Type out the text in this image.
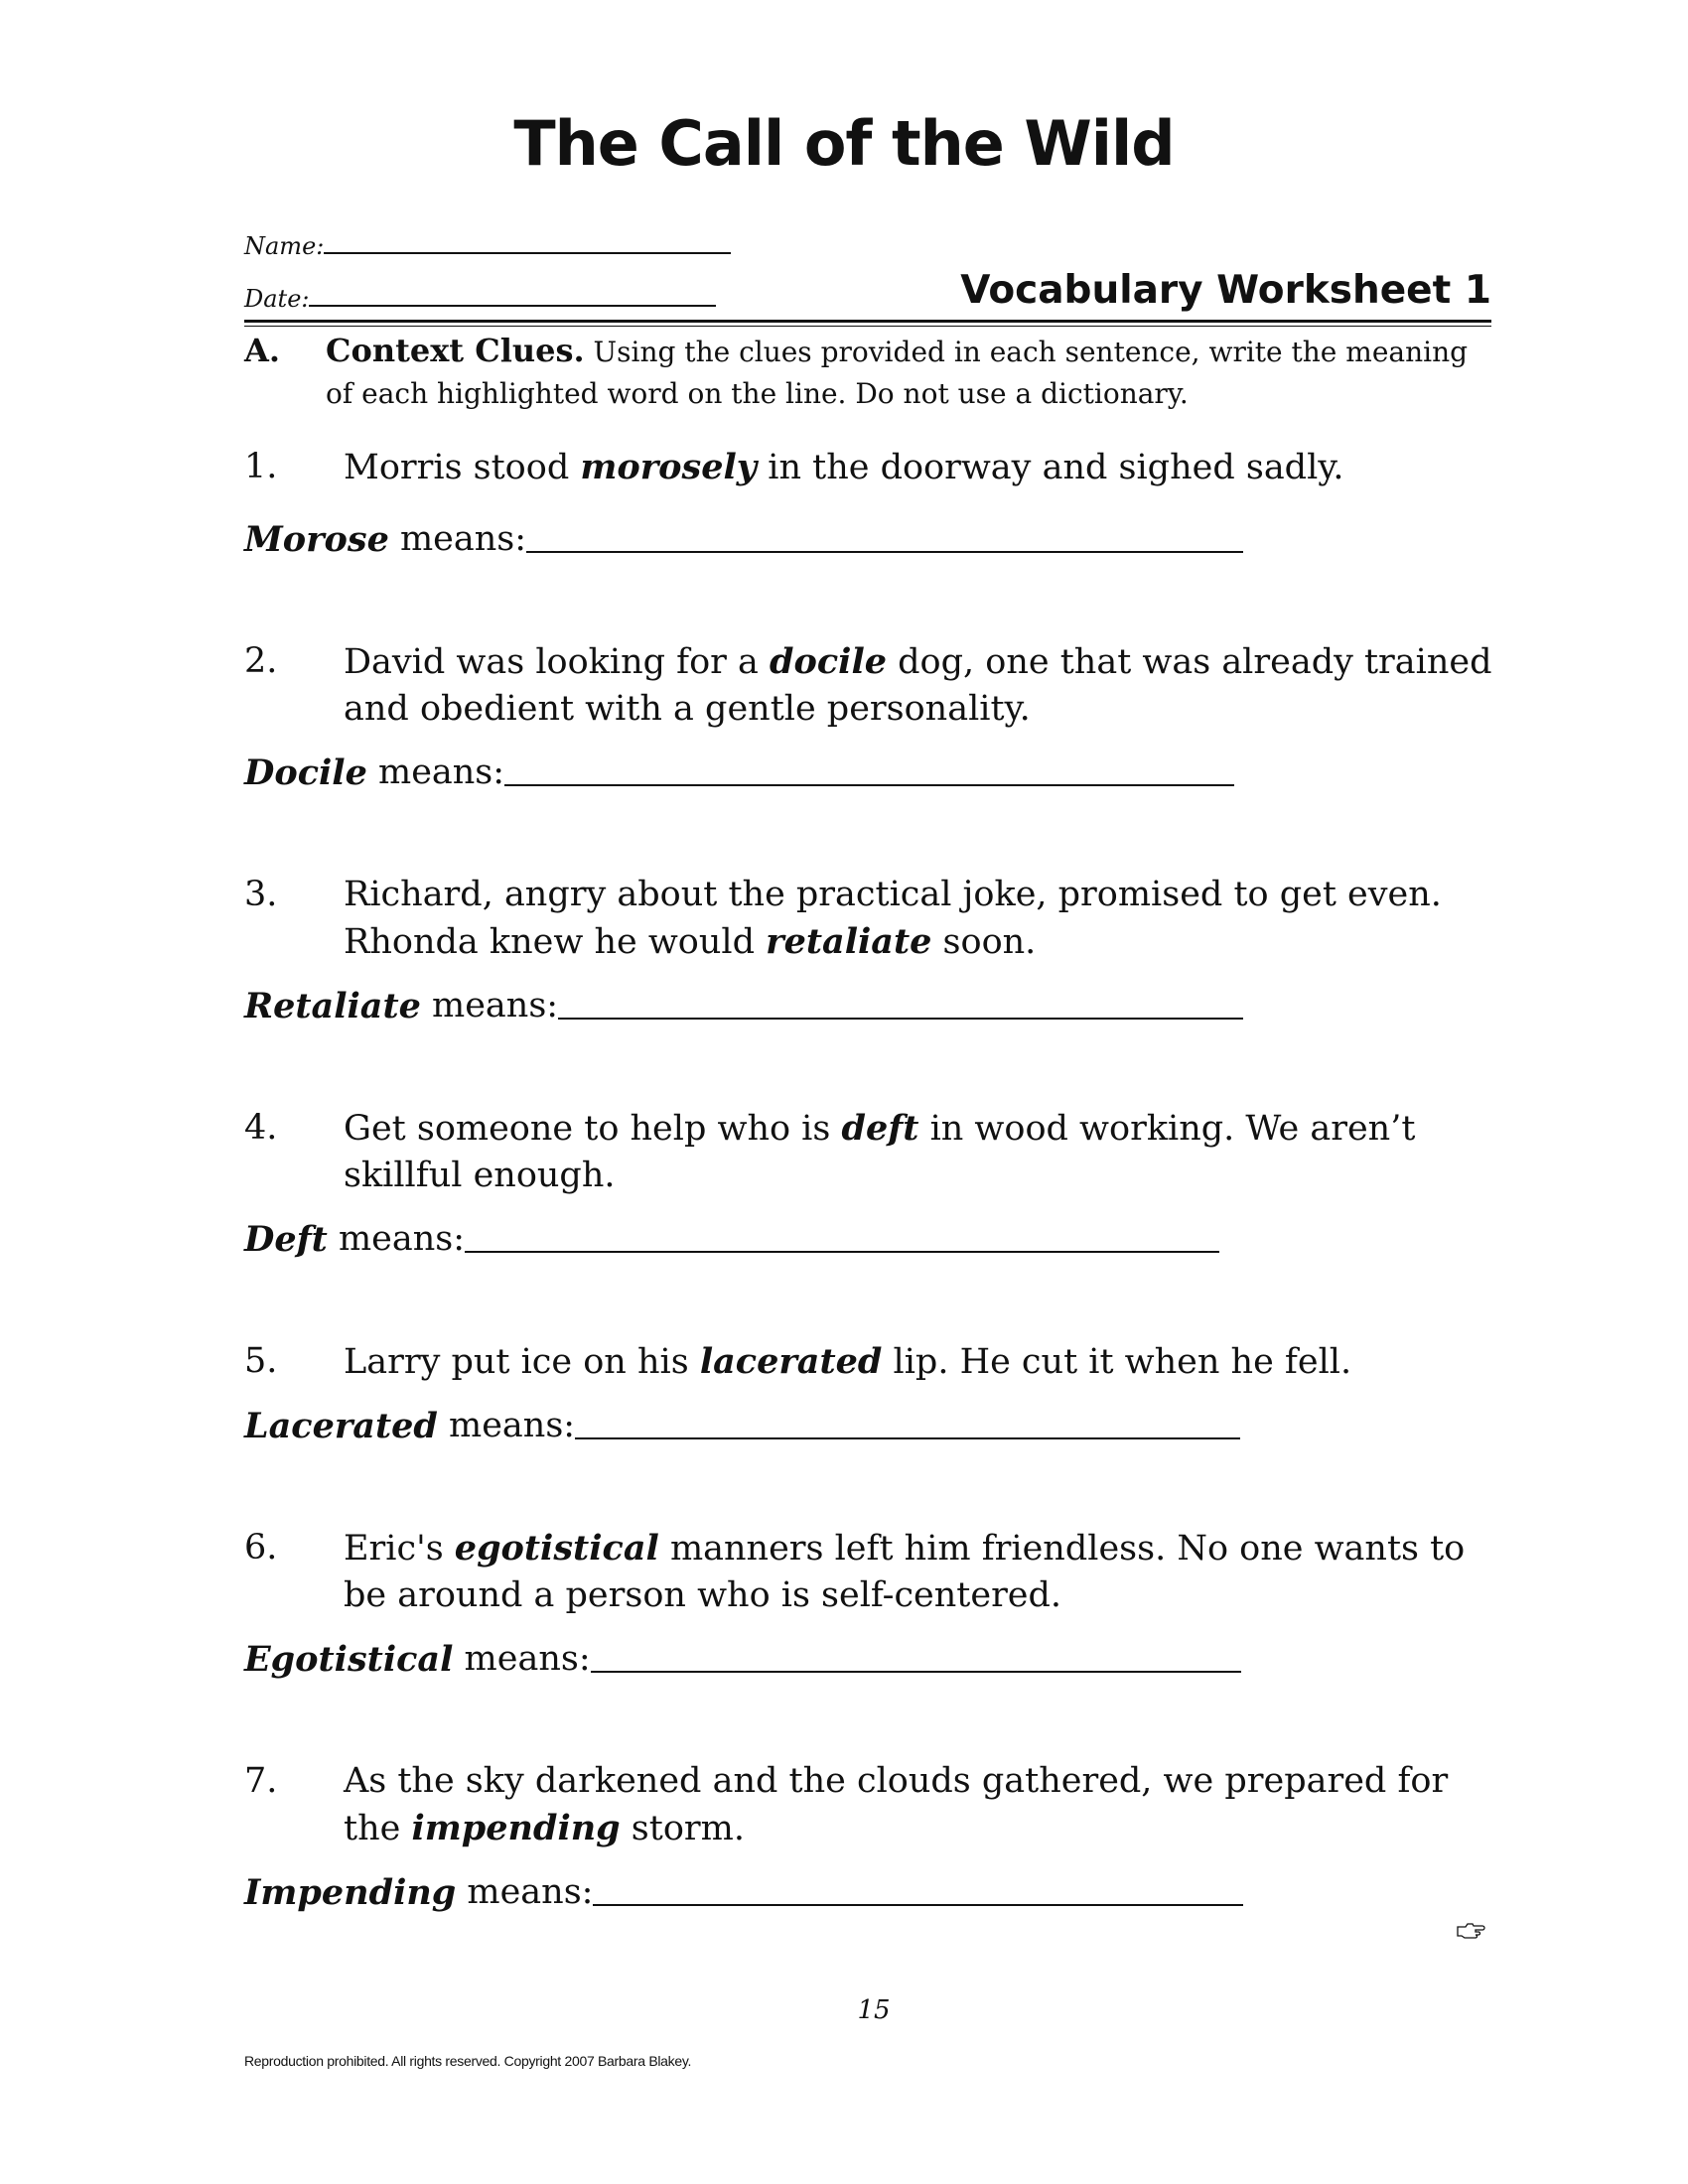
The Call of the Wild
Name:
Date:	Vocabulary Worksheet 1
A. Context Clues. Using the clues provided in each sentence, write the meaning of each highlighted word on the line. Do not use a dictionary.
1. Morris stood morosely in the doorway and sighed sadly.
Morose means:
2. David was looking for a docile dog, one that was already trained and obedient with a gentle personality.
Docile means:
3. Richard, angry about the practical joke, promised to get even. Rhonda knew he would retaliate soon.
Retaliate means:
4. Get someone to help who is deft in wood working. We aren’t skillful enough.
Deft means:
5. Larry put ice on his lacerated lip. He cut it when he fell.
Lacerated means:
6. Eric's egotistical manners left him friendless. No one wants to be around a person who is self-centered.
Egotistical means:
7. As the sky darkened and the clouds gathered, we prepared for the impending storm.
Impending means:
15
Reproduction prohibited. All rights reserved. Copyright 2007 Barbara Blakey.
